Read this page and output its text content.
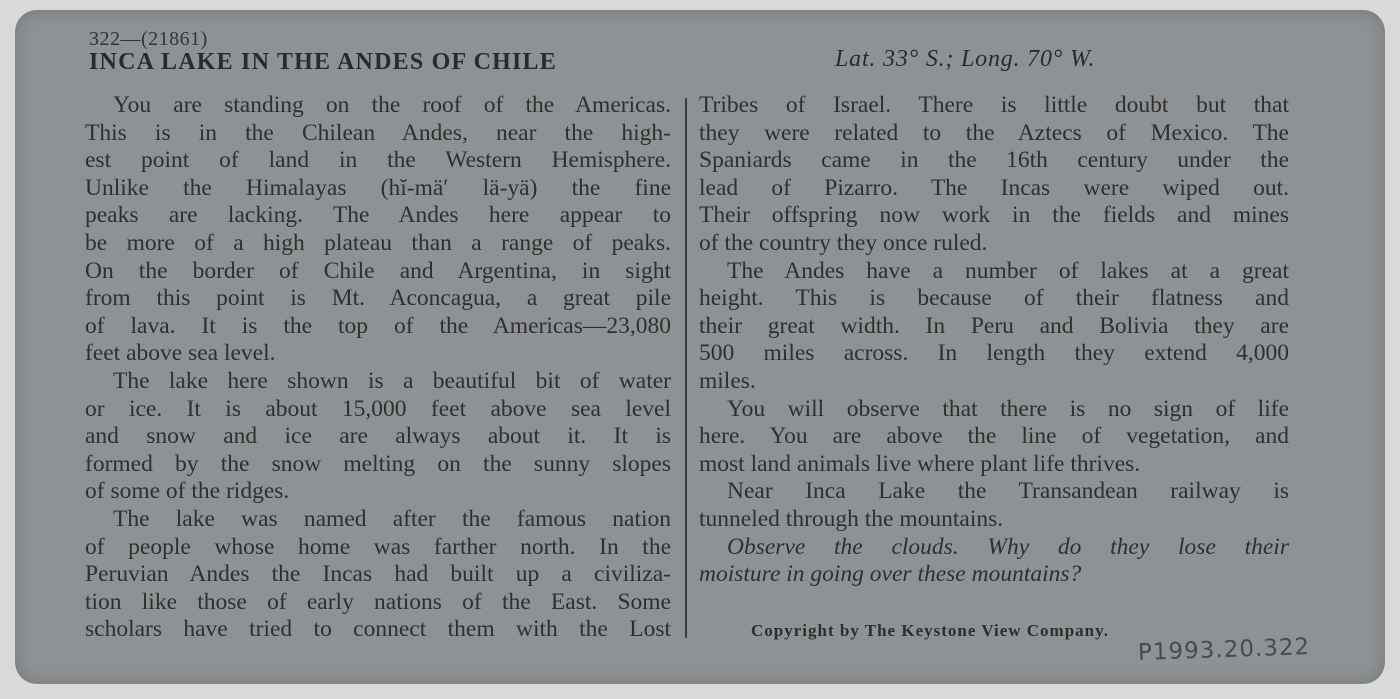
322—(21861)
INCA LAKE IN THE ANDES OF CHILE	Lat. 33° S.; Long. 70° W.
You are standing on the roof of the Americas.
This is in the Chilean Andes, near the high-
est point of land in the Western Hemisphere.
Unlike the Himalayas (hĭ-mä′ lä-yä) the fine
peaks are lacking. The Andes here appear to
be more of a high plateau than a range of peaks.
On the border of Chile and Argentina, in sight
from this point is Mt. Aconcagua, a great pile
of lava. It is the top of the Americas—23,080
feet above sea level.
The lake here shown is a beautiful bit of water
or ice. It is about 15,000 feet above sea level
and snow and ice are always about it. It is
formed by the snow melting on the sunny slopes
of some of the ridges.
The lake was named after the famous nation
of people whose home was farther north. In the
Peruvian Andes the Incas had built up a civiliza-
tion like those of early nations of the East. Some
scholars have tried to connect them with the Lost
Tribes of Israel. There is little doubt but that
they were related to the Aztecs of Mexico. The
Spaniards came in the 16th century under the
lead of Pizarro. The Incas were wiped out.
Their offspring now work in the fields and mines
of the country they once ruled.
The Andes have a number of lakes at a great
height. This is because of their flatness and
their great width. In Peru and Bolivia they are
500 miles across. In length they extend 4,000
miles.
You will observe that there is no sign of life
here. You are above the line of vegetation, and
most land animals live where plant life thrives.
Near Inca Lake the Transandean railway is
tunneled through the mountains.
Observe the clouds. Why do they lose their
moisture in going over these mountains?
Copyright by The Keystone View Company.
P1993.20.322
